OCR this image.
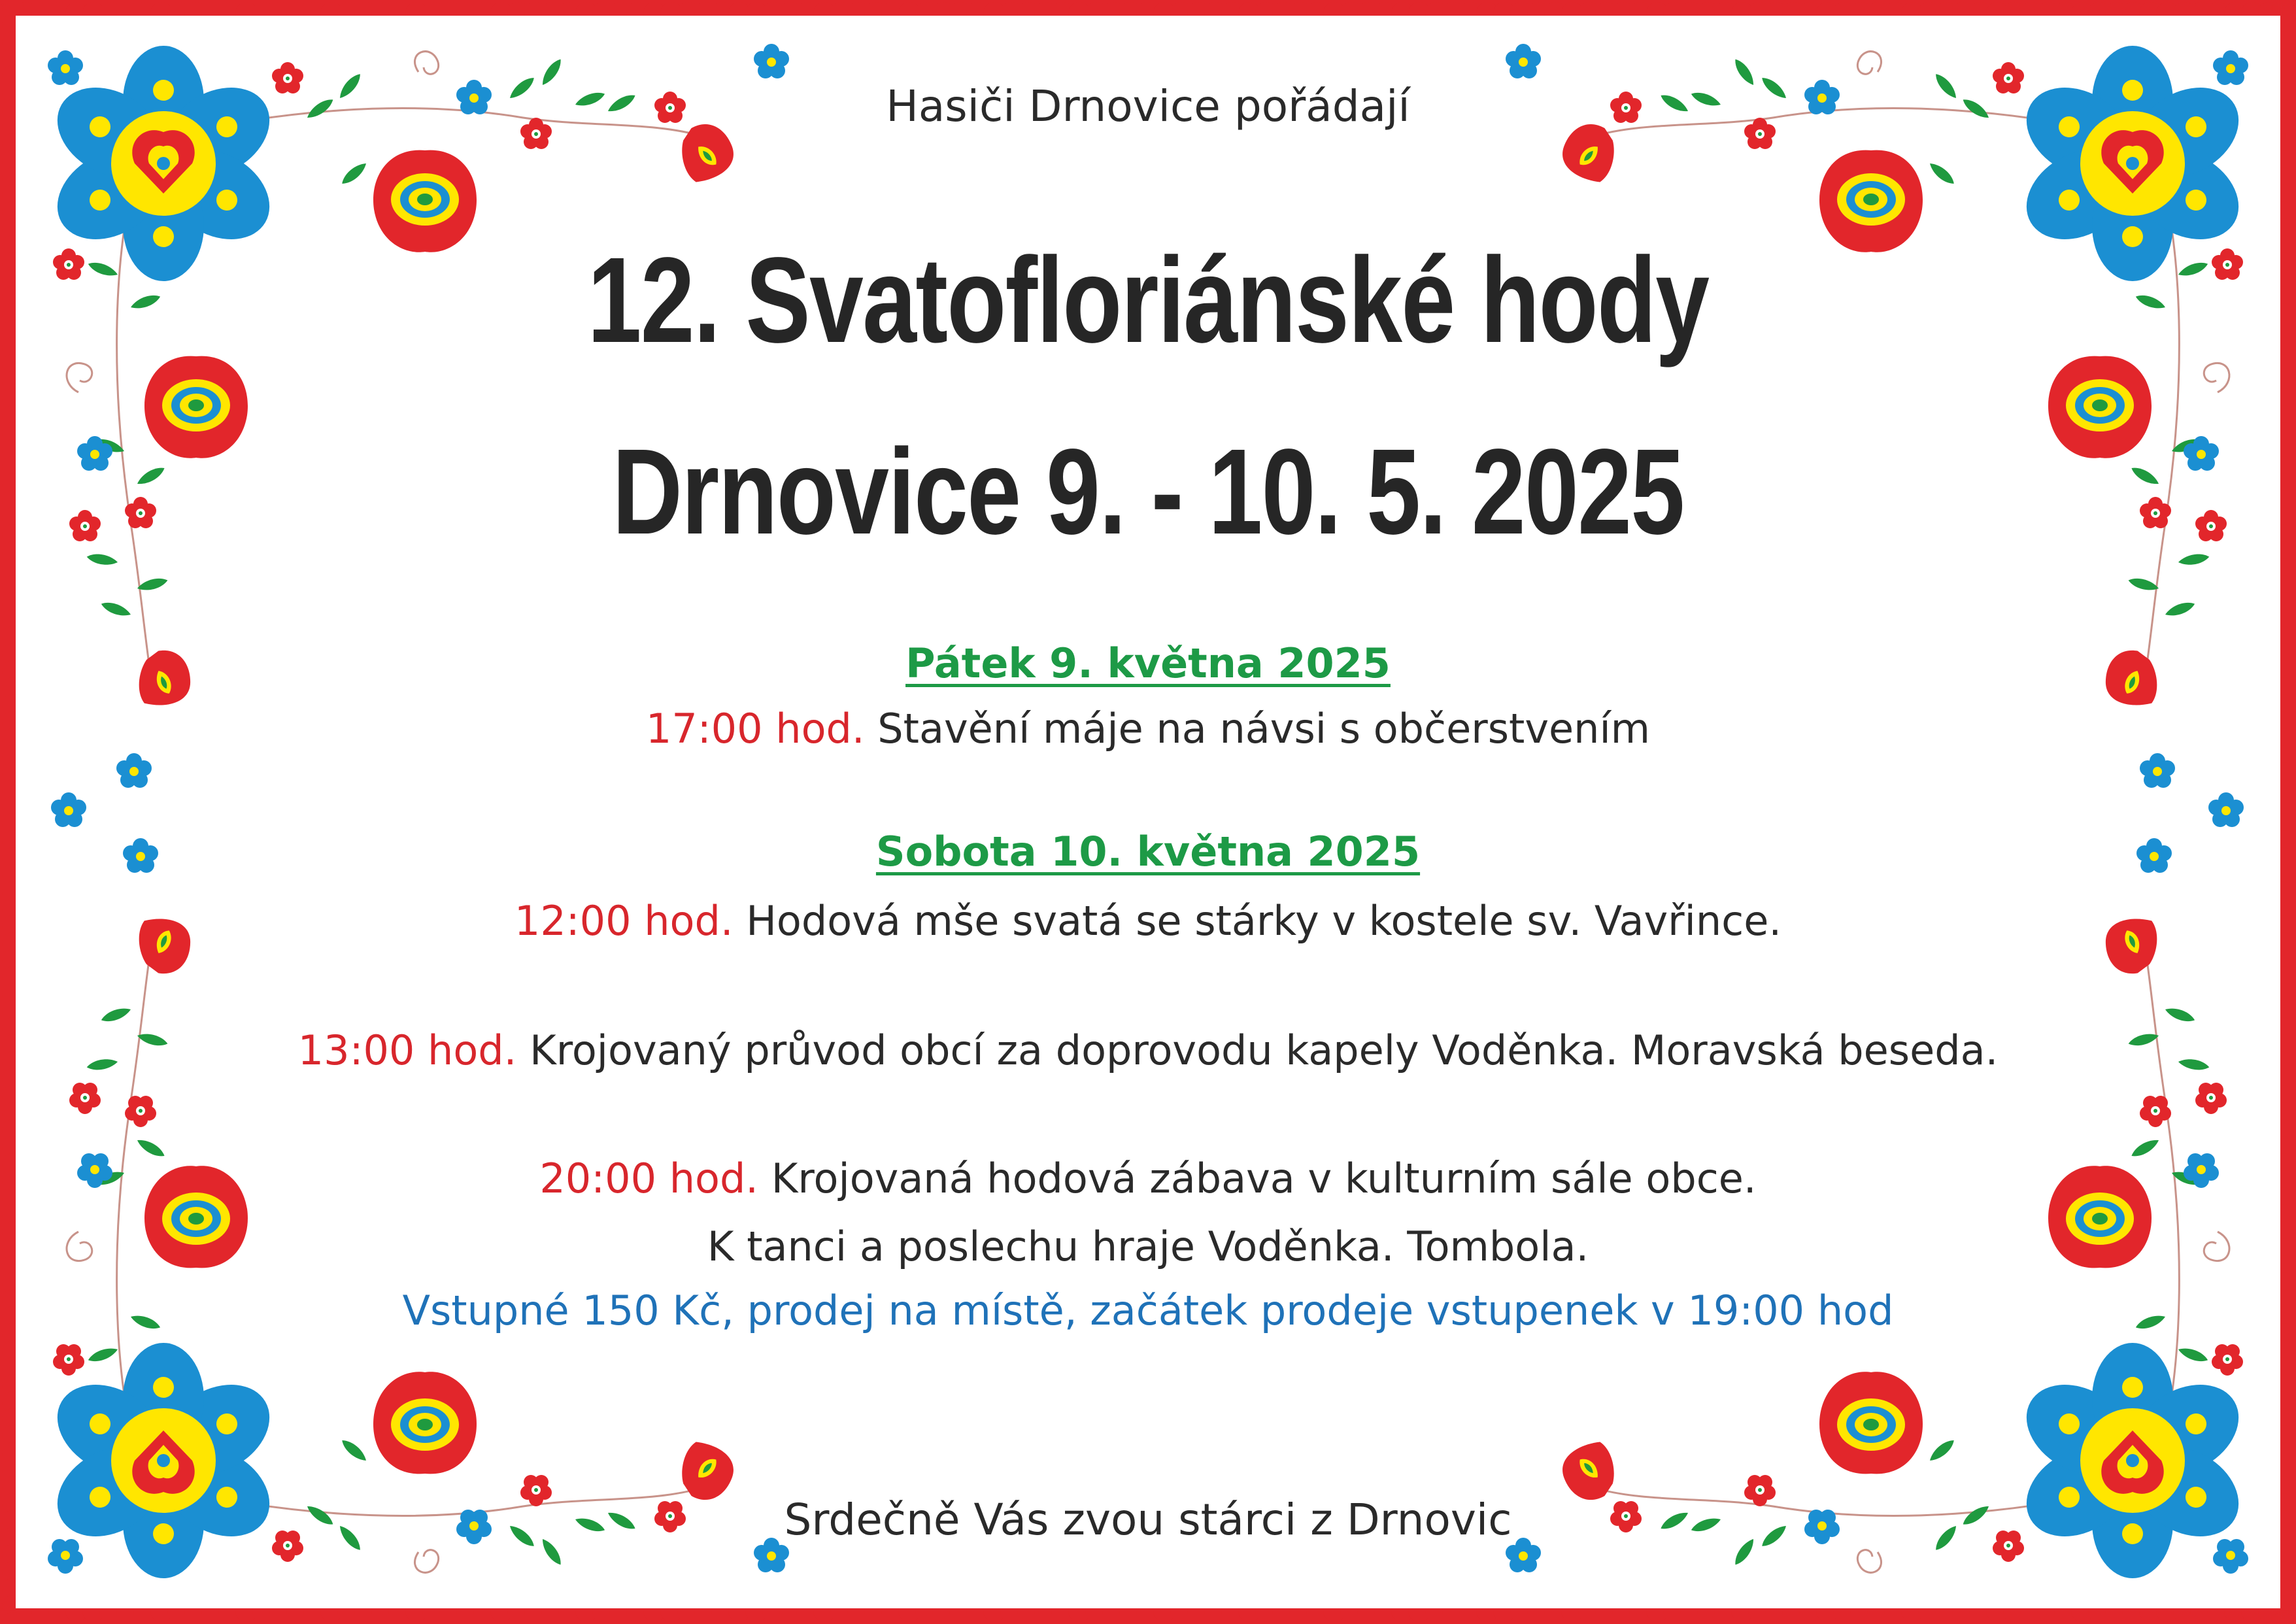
Hasiči Drnovice pořádají
12. Svatofloriánské hody
Drnovice 9. - 10. 5. 2025
Pátek 9. května 2025
17:00 hod. Stavění máje na návsi s občerstvením
Sobota 10. května 2025
12:00 hod. Hodová mše svatá se stárky v kostele sv. Vavřince.
13:00 hod. Krojovaný průvod obcí za doprovodu kapely Voděnka. Moravská beseda.
20:00 hod. Krojovaná hodová zábava v kulturním sále obce.
K tanci a poslechu hraje Voděnka. Tombola.
Vstupné 150 Kč, prodej na místě, začátek prodeje vstupenek v 19:00 hod
Srdečně Vás zvou stárci z Drnovic
